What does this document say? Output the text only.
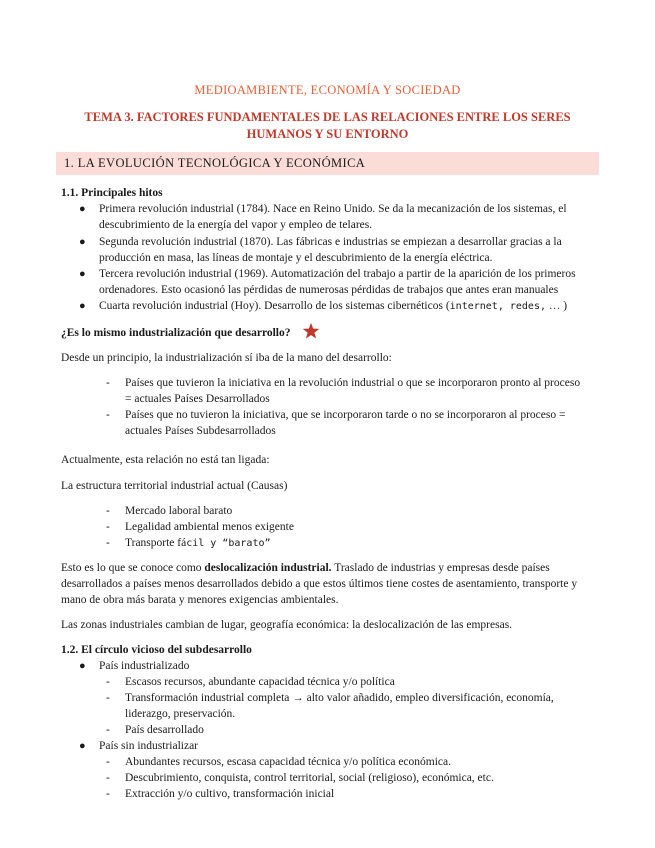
MEDIOAMBIENTE, ECONOMÍA Y SOCIEDAD
TEMA 3. FACTORES FUNDAMENTALES DE LAS RELACIONES ENTRE LOS SERES
HUMANOS Y SU ENTORNO
1. LA EVOLUCIÓN TECNOLÓGICA Y ECONÓMICA
1.1. Principales hitos
● Primera revolución industrial (1784). Nace en Reino Unido. Se da la mecanización de los sistemas, el
descubrimiento de la energía del vapor y empleo de telares.
● Segunda revolución industrial (1870). Las fábricas e industrias se empiezan a desarrollar gracias a la
producción en masa, las líneas de montaje y el descubrimiento de la energía eléctrica.
● Tercera revolución industrial (1969). Automatización del trabajo a partir de la aparición de los primeros
ordenadores. Esto ocasionó las pérdidas de numerosas pérdidas de trabajos que antes eran manuales
● Cuarta revolución industrial (Hoy). Desarrollo de los sistemas cibernéticos (internet, redes, … )
¿Es lo mismo industrialización que desarrollo?
Desde un principio, la industrialización sí iba de la mano del desarrollo:
- Países que tuvieron la iniciativa en la revolución industrial o que se incorporaron pronto al proceso
= actuales Países Desarrollados
- Países que no tuvieron la iniciativa, que se incorporaron tarde o no se incorporaron al proceso =
actuales Países Subdesarrollados
Actualmente, esta relación no está tan ligada:
La estructura territorial industrial actual (Causas)
- Mercado laboral barato
- Legalidad ambiental menos exigente
- Transporte fácil y “barato”
Esto es lo que se conoce como deslocalización industrial. Traslado de industrias y empresas desde países
desarrollados a países menos desarrollados debido a que estos últimos tiene costes de asentamiento, transporte y
mano de obra más barata y menores exigencias ambientales.
Las zonas industriales cambian de lugar, geografía económica: la deslocalización de las empresas.
1.2. El círculo vicioso del subdesarrollo
● País industrializado
- Escasos recursos, abundante capacidad técnica y/o política
- Transformación industrial completa → alto valor añadido, empleo diversificación, economía,
liderazgo, preservación.
- País desarrollado
● País sin industrializar
- Abundantes recursos, escasa capacidad técnica y/o política económica.
- Descubrimiento, conquista, control territorial, social (religioso), económica, etc.
- Extracción y/o cultivo, transformación inicial
